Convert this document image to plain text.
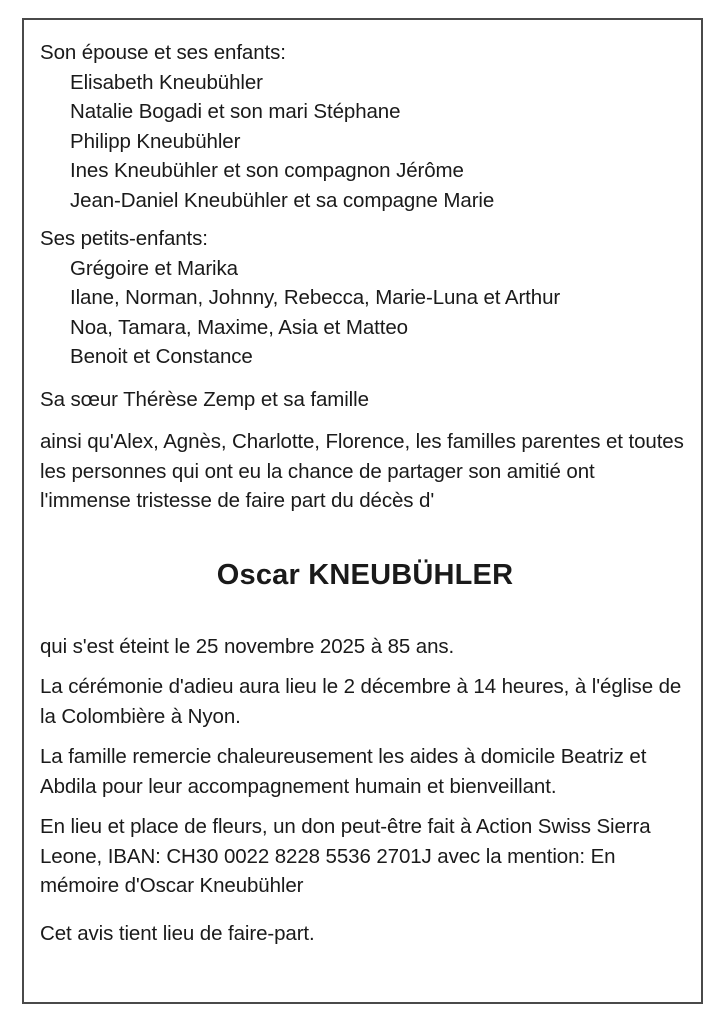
Son épouse et ses enfants:
Elisabeth Kneubühler
Natalie Bogadi et son mari Stéphane
Philipp Kneubühler
Ines Kneubühler et son compagnon Jérôme
Jean-Daniel Kneubühler et sa compagne Marie
Ses petits-enfants:
Grégoire et Marika
Ilane, Norman, Johnny, Rebecca, Marie-Luna et Arthur
Noa, Tamara, Maxime, Asia et Matteo
Benoit et Constance
Sa sœur Thérèse Zemp et sa famille
ainsi qu'Alex, Agnès, Charlotte, Florence, les familles parentes et toutes les personnes qui ont eu la chance de partager son amitié ont l'immense tristesse de faire part du décès d'
Oscar KNEUBÜHLER
qui s'est éteint le 25 novembre 2025 à 85 ans.
La cérémonie d'adieu aura lieu le 2 décembre à 14 heures, à l'église de la Colombière à Nyon.
La famille remercie chaleureusement les aides à domicile Beatriz et Abdila pour leur accompagnement humain et bienveillant.
En lieu et place de fleurs, un don peut-être fait à Action Swiss Sierra Leone, IBAN: CH30 0022 8228 5536 2701J avec la mention: En mémoire d'Oscar Kneubühler
Cet avis tient lieu de faire-part.
